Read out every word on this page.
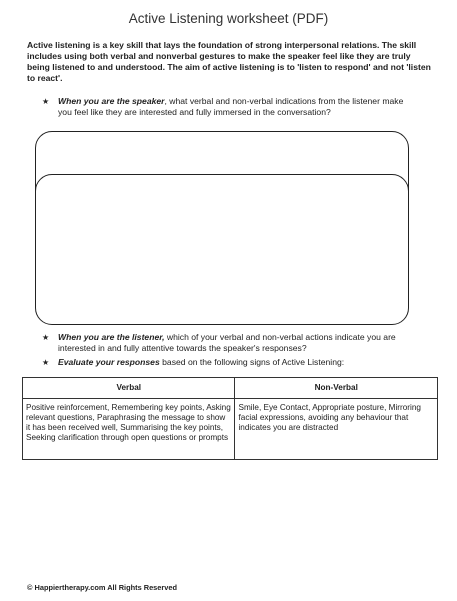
Active Listening worksheet (PDF)
Active listening is a key skill that lays the foundation of strong interpersonal relations. The skill includes using both verbal and nonverbal gestures to make the speaker feel like they are truly being listened to and understood. The aim of active listening is to 'listen to respond' and not 'listen to react'.
★	When you are the speaker, what verbal and non-verbal indications from the listener make you feel like they are interested and fully immersed in the conversation?
★	When you are the listener, which of your verbal and non-verbal actions indicate you are interested in and fully attentive towards the speaker's responses?
★	Evaluate your responses based on the following signs of Active Listening:
Verbal	Non-Verbal
Positive reinforcement, Remembering key points, Asking relevant questions, Paraphrasing the message to show it has been received well, Summarising the key points, Seeking clarification through open questions or prompts	Smile, Eye Contact, Appropriate posture, Mirroring facial expressions, avoiding any behaviour that indicates you are distracted
© Happiertherapy.com All Rights Reserved
